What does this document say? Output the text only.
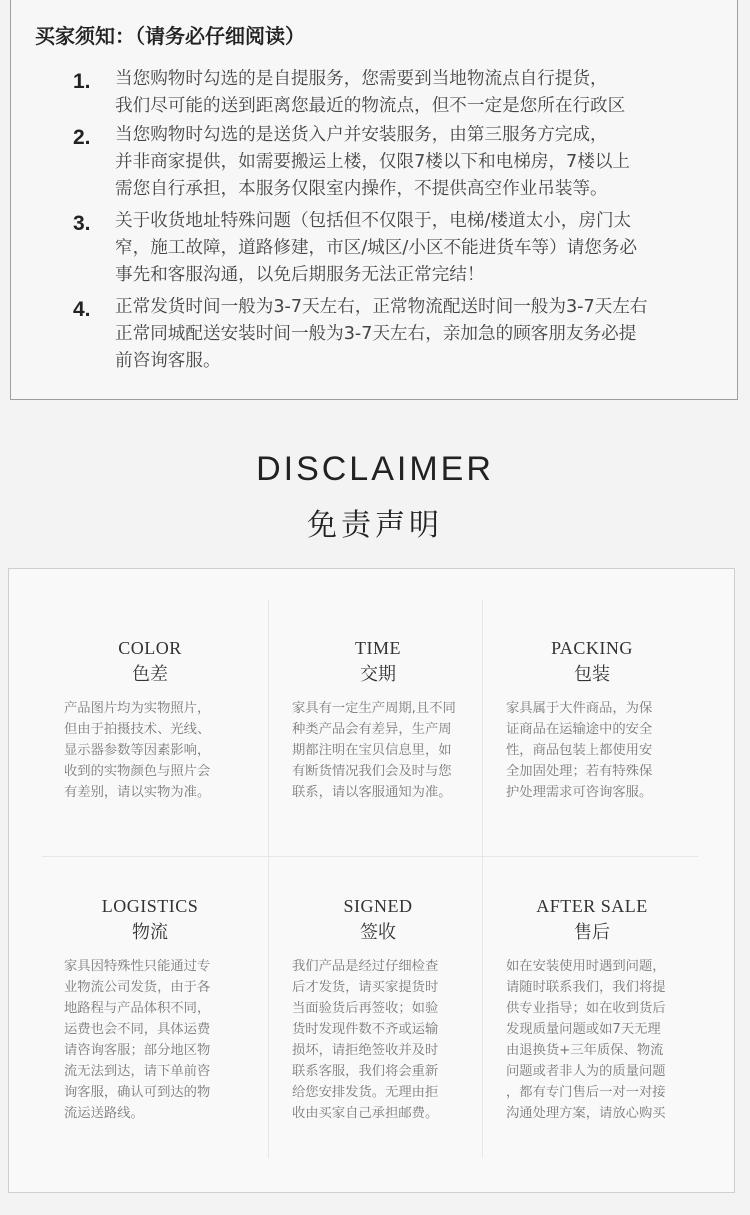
买家须知：（请务必仔细阅读）
1. 当您购物时勾选的是自提服务，您需要到当地物流点自行提货，
我们尽可能的送到距离您最近的物流点，但不一定是您所在行政区
2. 当您购物时勾选的是送货入户并安装服务，由第三服务方完成，
并非商家提供，如需要搬运上楼，仅限7楼以下和电梯房，7楼以上
需您自行承担，本服务仅限室内操作，不提供高空作业吊装等。
3. 关于收货地址特殊问题（包括但不仅限于，电梯/楼道太小，房门太
窄，施工故障，道路修建，市区/城区/小区不能进货车等）请您务必
事先和客服沟通，以免后期服务无法正常完结！
4. 正常发货时间一般为3-7天左右，正常物流配送时间一般为3-7天左右
正常同城配送安装时间一般为3-7天左右，亲加急的顾客朋友务必提
前咨询客服。
DISCLAIMER
免责声明
COLOR
色差
产品图片均为实物照片，
但由于拍摄技术、光线、
显示器参数等因素影响，
收到的实物颜色与照片会
有差别，请以实物为准。
TIME
交期
家具有一定生产周期,且不同
种类产品会有差异，生产周
期都注明在宝贝信息里，如
有断货情况我们会及时与您
联系，请以客服通知为准。
PACKING
包装
家具属于大件商品，为保
证商品在运输途中的安全
性，商品包装上都使用安
全加固处理；若有特殊保
护处理需求可咨询客服。
LOGISTICS
物流
家具因特殊性只能通过专
业物流公司发货，由于各
地路程与产品体积不同，
运费也会不同，具体运费
请咨询客服；部分地区物
流无法到达，请下单前咨
询客服，确认可到达的物
流运送路线。
SIGNED
签收
我们产品是经过仔细检查
后才发货，请买家提货时
当面验货后再签收；如验
货时发现件数不齐或运输
损坏，请拒绝签收并及时
联系客服，我们将会重新
给您安排发货。无理由拒
收由买家自己承担邮费。
AFTER SALE
售后
如在安装使用时遇到问题，
请随时联系我们，我们将提
供专业指导；如在收到货后
发现质量问题或如7天无理
由退换货+三年质保、物流
问题或者非人为的质量问题
，都有专门售后一对一对接
沟通处理方案，请放心购买
